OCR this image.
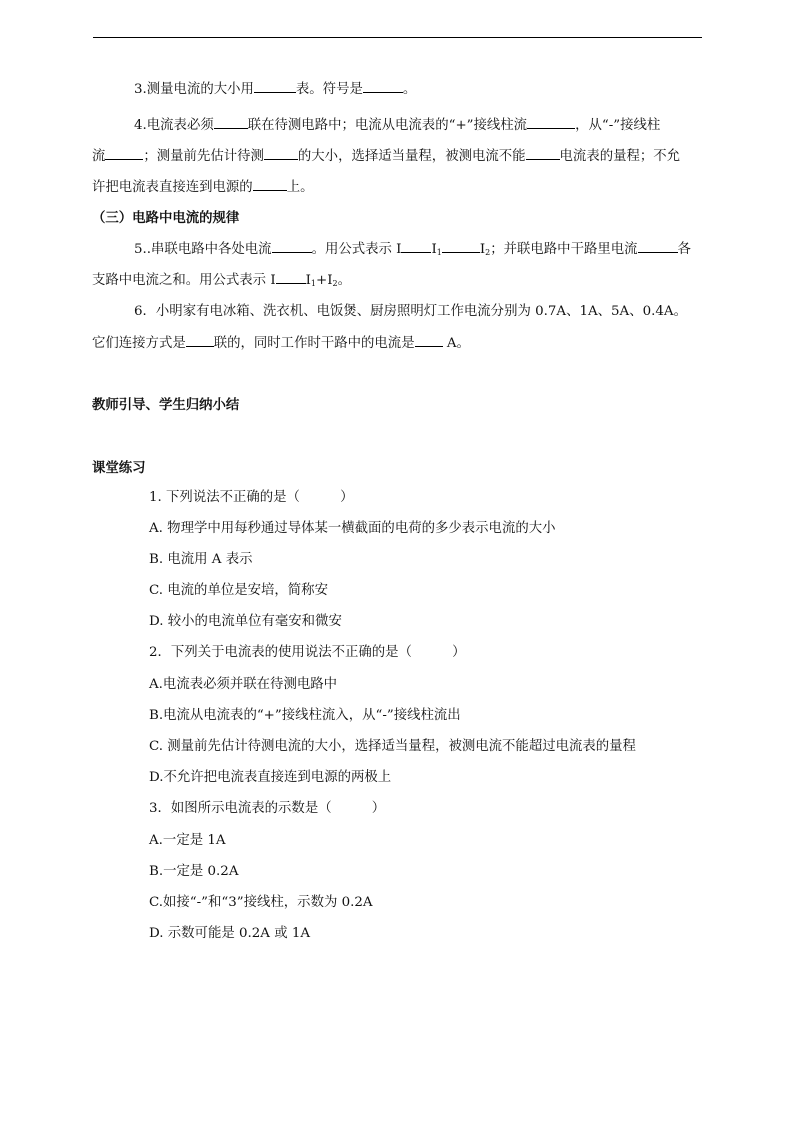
3.测量电流的大小用	表。符号是	。

4.电流表必须	联在待测电路中；电流从电流表的“+”接线柱流	，从“-”接线柱

流	；测量前先估计待测	的大小，选择适当量程，被测电流不能	电流表的量程；不允

许把电流表直接连到电源的	上。

（三）电路中电流的规律

5..串联电路中各处电流	。用公式表示 I $I_1$	$I_2$；并联电路中干路里电流	各

支路中电流之和。用公式表示 I $I_1+I_2$。

6．小明家有电冰箱、洗衣机、电饭煲、厨房照明灯工作电流分别为 0.7A、1A、5A、0.4A。

它们连接方式是 联的，同时工作时干路中的电流是 A。

教师引导、学生归纳小结

课堂练习

1. 下列说法不正确的是（　　　）

A. 物理学中用每秒通过导体某一横截面的电荷的多少表示电流的大小

B. 电流用 A 表示

C. 电流的单位是安培，简称安

D. 较小的电流单位有毫安和微安

2．下列关于电流表的使用说法不正确的是（　　　）

A.电流表必须并联在待测电路中

B.电流从电流表的“+”接线柱流入，从“-”接线柱流出

C. 测量前先估计待测电流的大小，选择适当量程，被测电流不能超过电流表的量程

D.不允许把电流表直接连到电源的两极上

3．如图所示电流表的示数是（　　　）

A.一定是 1A

B.一定是 0.2A

C.如接“-”和“3”接线柱，示数为 0.2A

D. 示数可能是 0.2A 或 1A
